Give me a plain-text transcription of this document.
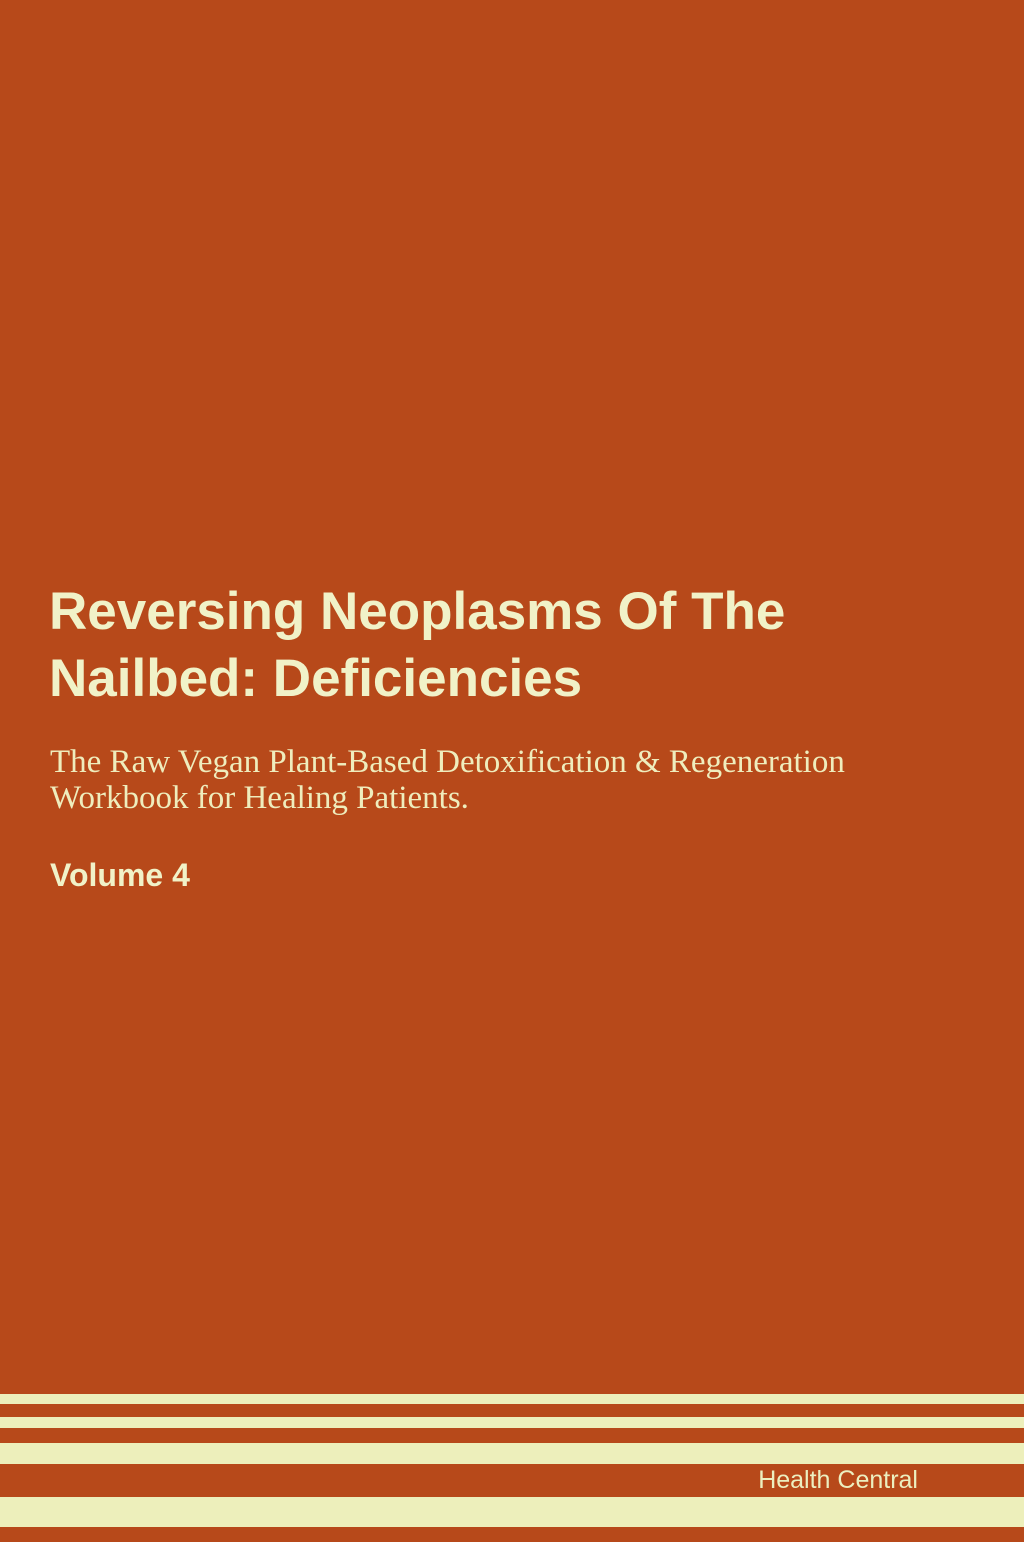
Reversing Neoplasms Of The
Nailbed: Deficiencies

The Raw Vegan Plant-Based Detoxification & Regeneration
Workbook for Healing Patients.

Volume 4

Health Central
